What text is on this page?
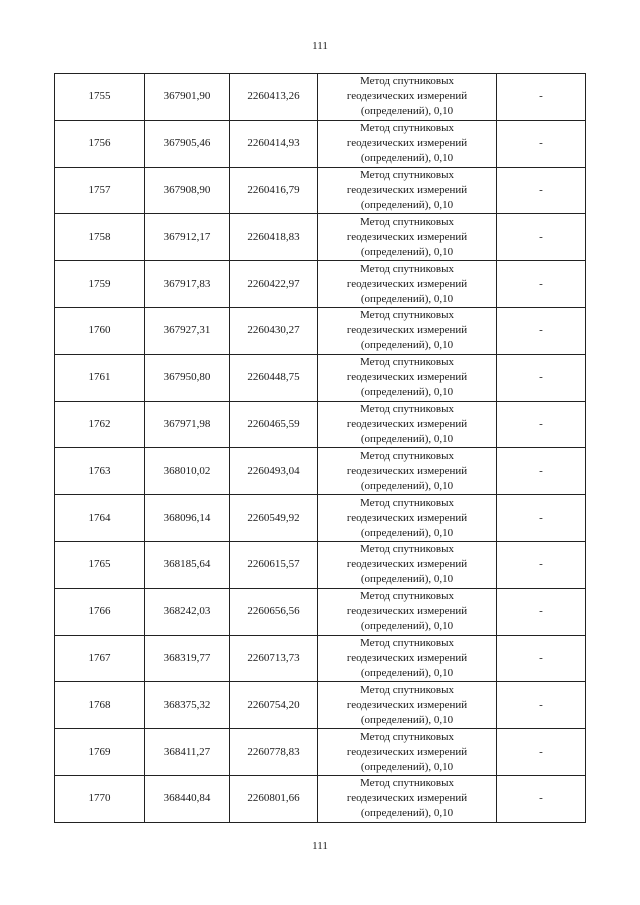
111
1755	367901,90	2260413,26	Метод спутниковых
геодезических измерений
(определений), 0,10	-
1756	367905,46	2260414,93	Метод спутниковых
геодезических измерений
(определений), 0,10	-
1757	367908,90	2260416,79	Метод спутниковых
геодезических измерений
(определений), 0,10	-
1758	367912,17	2260418,83	Метод спутниковых
геодезических измерений
(определений), 0,10	-
1759	367917,83	2260422,97	Метод спутниковых
геодезических измерений
(определений), 0,10	-
1760	367927,31	2260430,27	Метод спутниковых
геодезических измерений
(определений), 0,10	-
1761	367950,80	2260448,75	Метод спутниковых
геодезических измерений
(определений), 0,10	-
1762	367971,98	2260465,59	Метод спутниковых
геодезических измерений
(определений), 0,10	-
1763	368010,02	2260493,04	Метод спутниковых
геодезических измерений
(определений), 0,10	-
1764	368096,14	2260549,92	Метод спутниковых
геодезических измерений
(определений), 0,10	-
1765	368185,64	2260615,57	Метод спутниковых
геодезических измерений
(определений), 0,10	-
1766	368242,03	2260656,56	Метод спутниковых
геодезических измерений
(определений), 0,10	-
1767	368319,77	2260713,73	Метод спутниковых
геодезических измерений
(определений), 0,10	-
1768	368375,32	2260754,20	Метод спутниковых
геодезических измерений
(определений), 0,10	-
1769	368411,27	2260778,83	Метод спутниковых
геодезических измерений
(определений), 0,10	-
1770	368440,84	2260801,66	Метод спутниковых
геодезических измерений
(определений), 0,10	-
111
